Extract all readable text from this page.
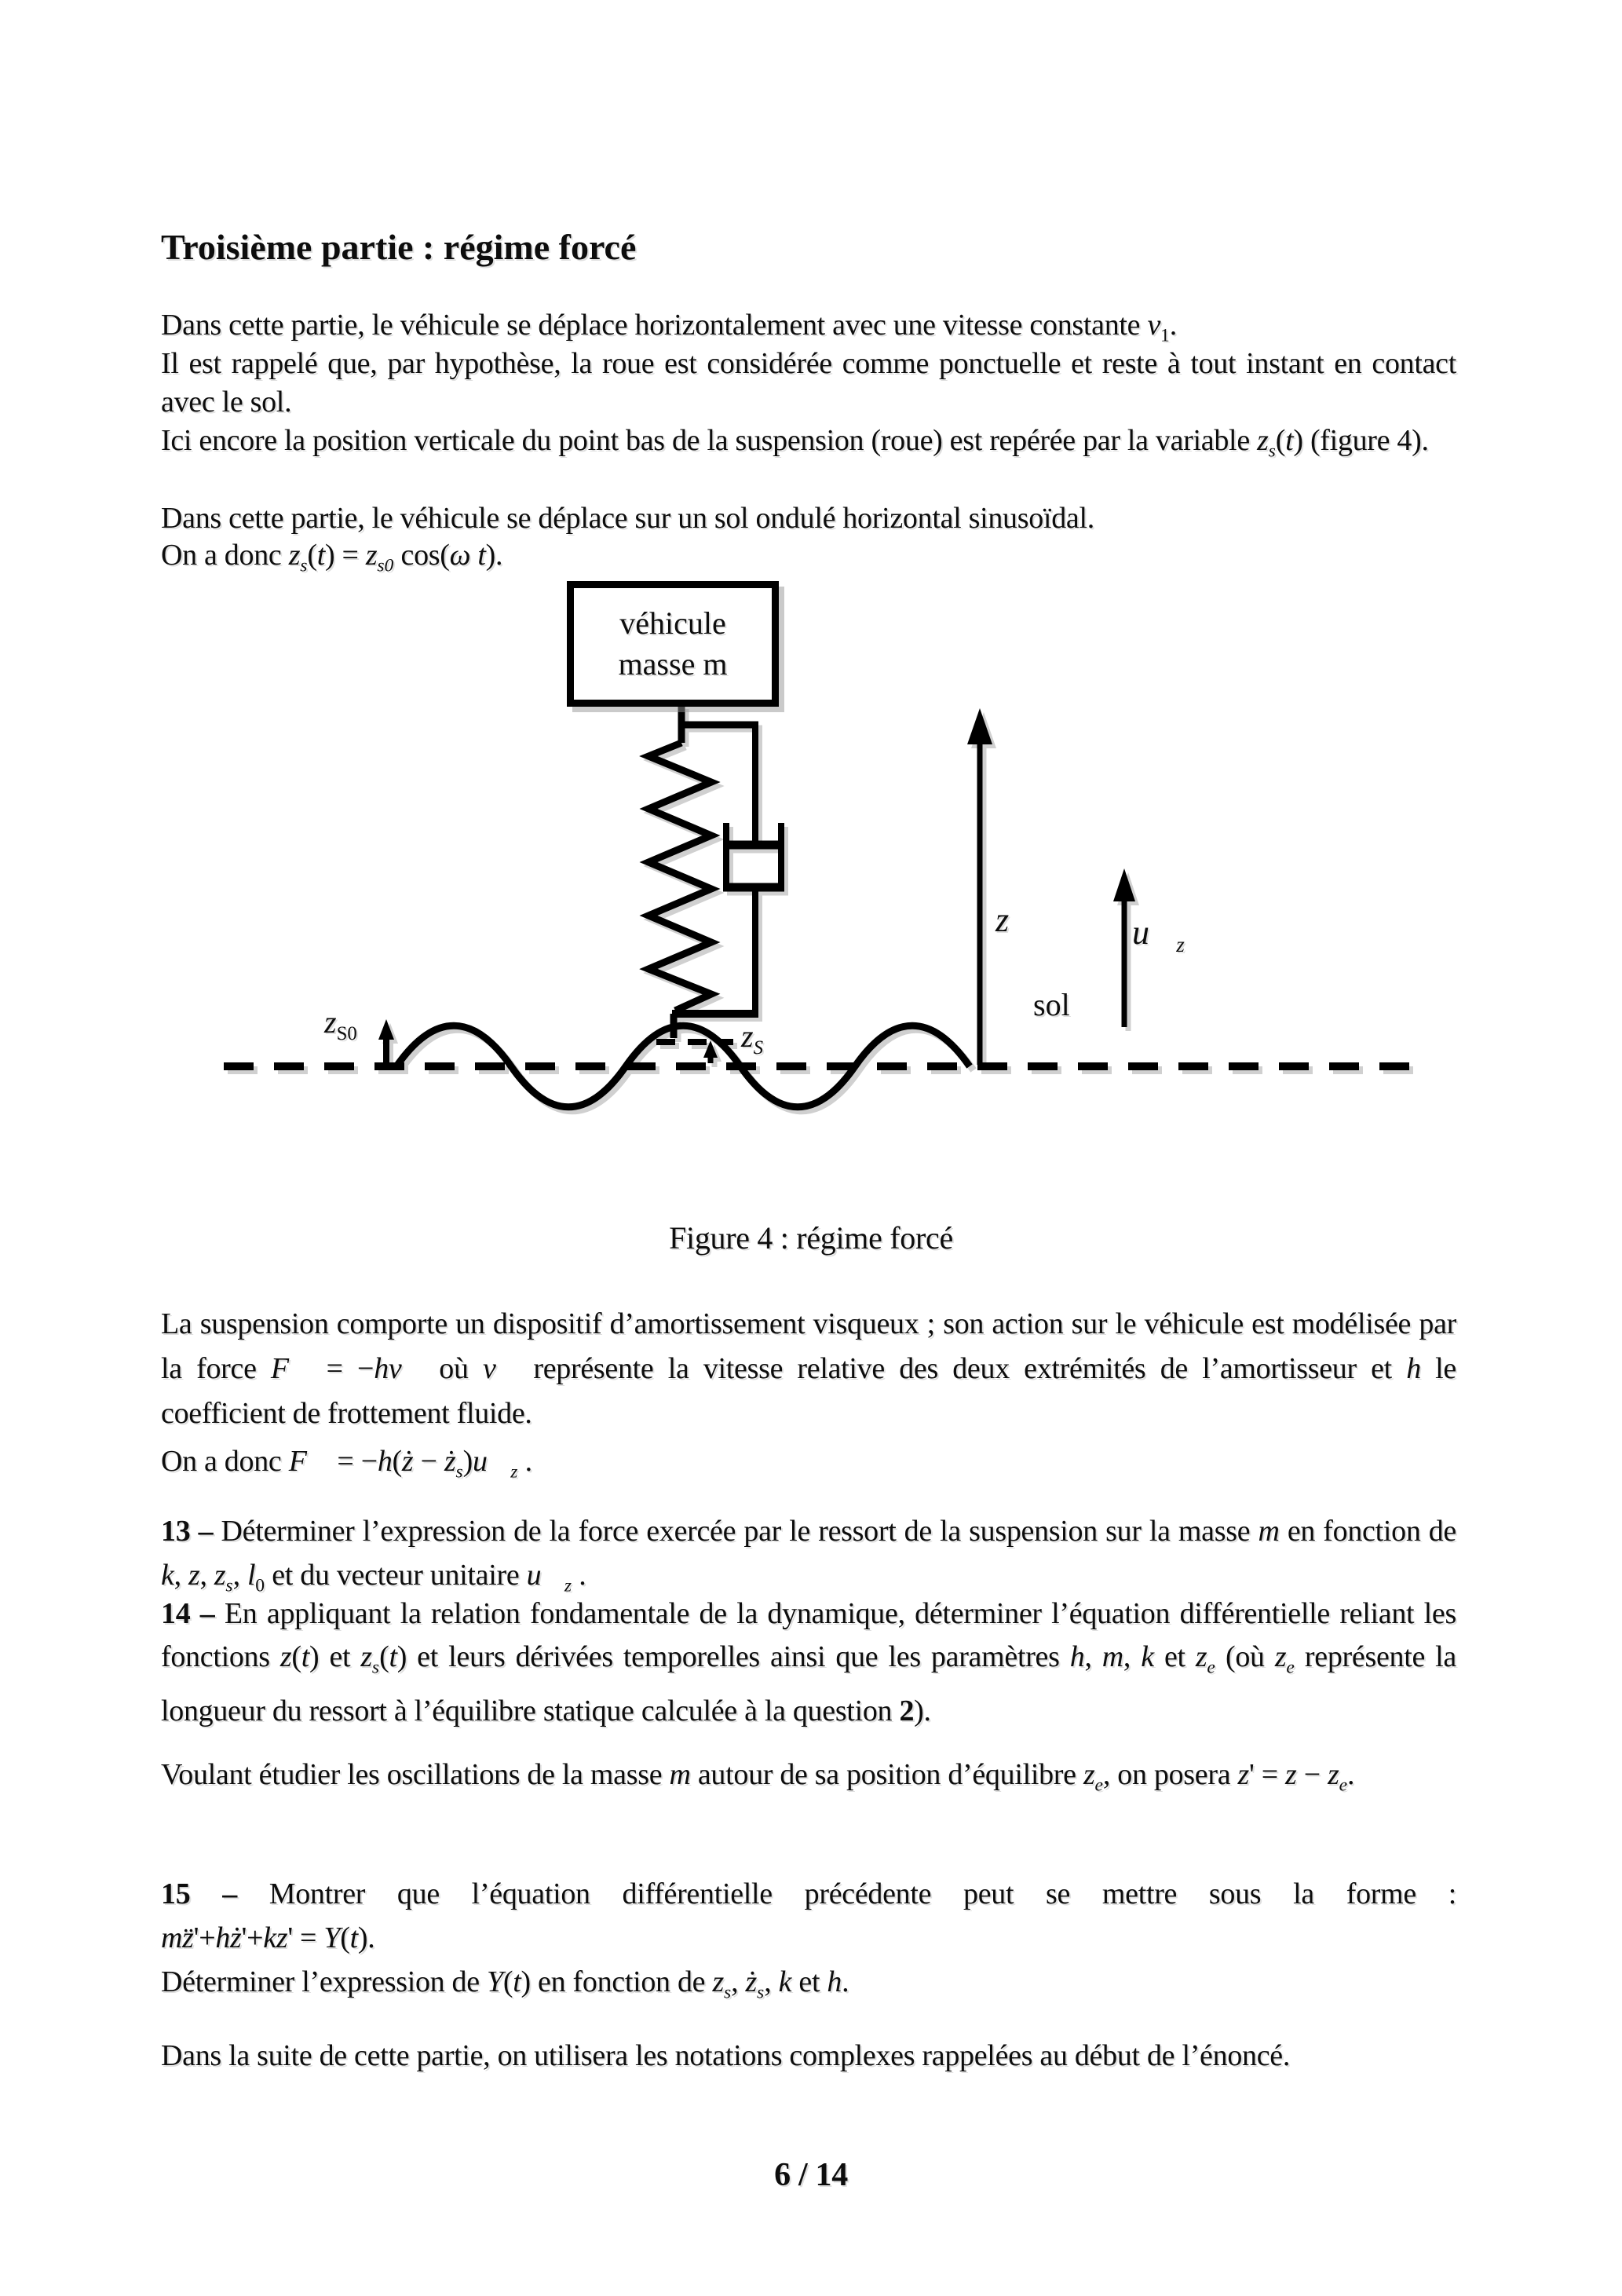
Troisième partie : régime forcé

Dans cette partie, le véhicule se déplace horizontalement avec une vitesse constante $v_1$.

Il est rappelé que, par hypothèse, la roue est considérée comme ponctuelle et reste à tout instant en contact avec le sol.

Ici encore la position verticale du point bas de la suspension (roue) est repérée par la variable $z_s(t)$ (figure 4).

Dans cette partie, le véhicule se déplace sur un sol ondulé horizontal sinusoïdal.

On a donc $z_s(t) = z_{s0}$ cos(ω t).

véhicule
masse m
$z_{S0}$	$z_S$
z	$u⃗_z$
sol

Figure 4 : régime forcé

La suspension comporte un dispositif d’amortissement visqueux ; son action sur le véhicule est modélisée par la force F⃗ = −hv⃗ où v⃗ représente la vitesse relative des deux extrémités de l’amortisseur et h le coefficient de frottement fluide.

On a donc F⃗ = −h(ż − $ż_s)u⃗_z$ .

13 – Déterminer l’expression de la force exercée par le ressort de la suspension sur la masse m en fonction de k, z, $z_s$, $l_0$ et du vecteur unitaire $u⃗_z$ .

14 – En appliquant la relation fondamentale de la dynamique, déterminer l’équation différentielle reliant les fonctions z(t) et $z_s(t)$ et leurs dérivées temporelles ainsi que les paramètres h, m, k et $z_e$ (où $z_e$ représente la longueur du ressort à l’équilibre statique calculée à la question 2).

Voulant étudier les oscillations de la masse m autour de sa position d’équilibre $z_e$, on posera $z' = z - z_e$.

15 – Montrer que l’équation différentielle précédente peut se mettre sous la forme :

mz̈'+hż'+kz' = Y(t).

Déterminer l’expression de Y(t) en fonction de $z_s$, $ż_s$, k et h.

Dans la suite de cette partie, on utilisera les notations complexes rappelées au début de l’énoncé.

6 / 14
